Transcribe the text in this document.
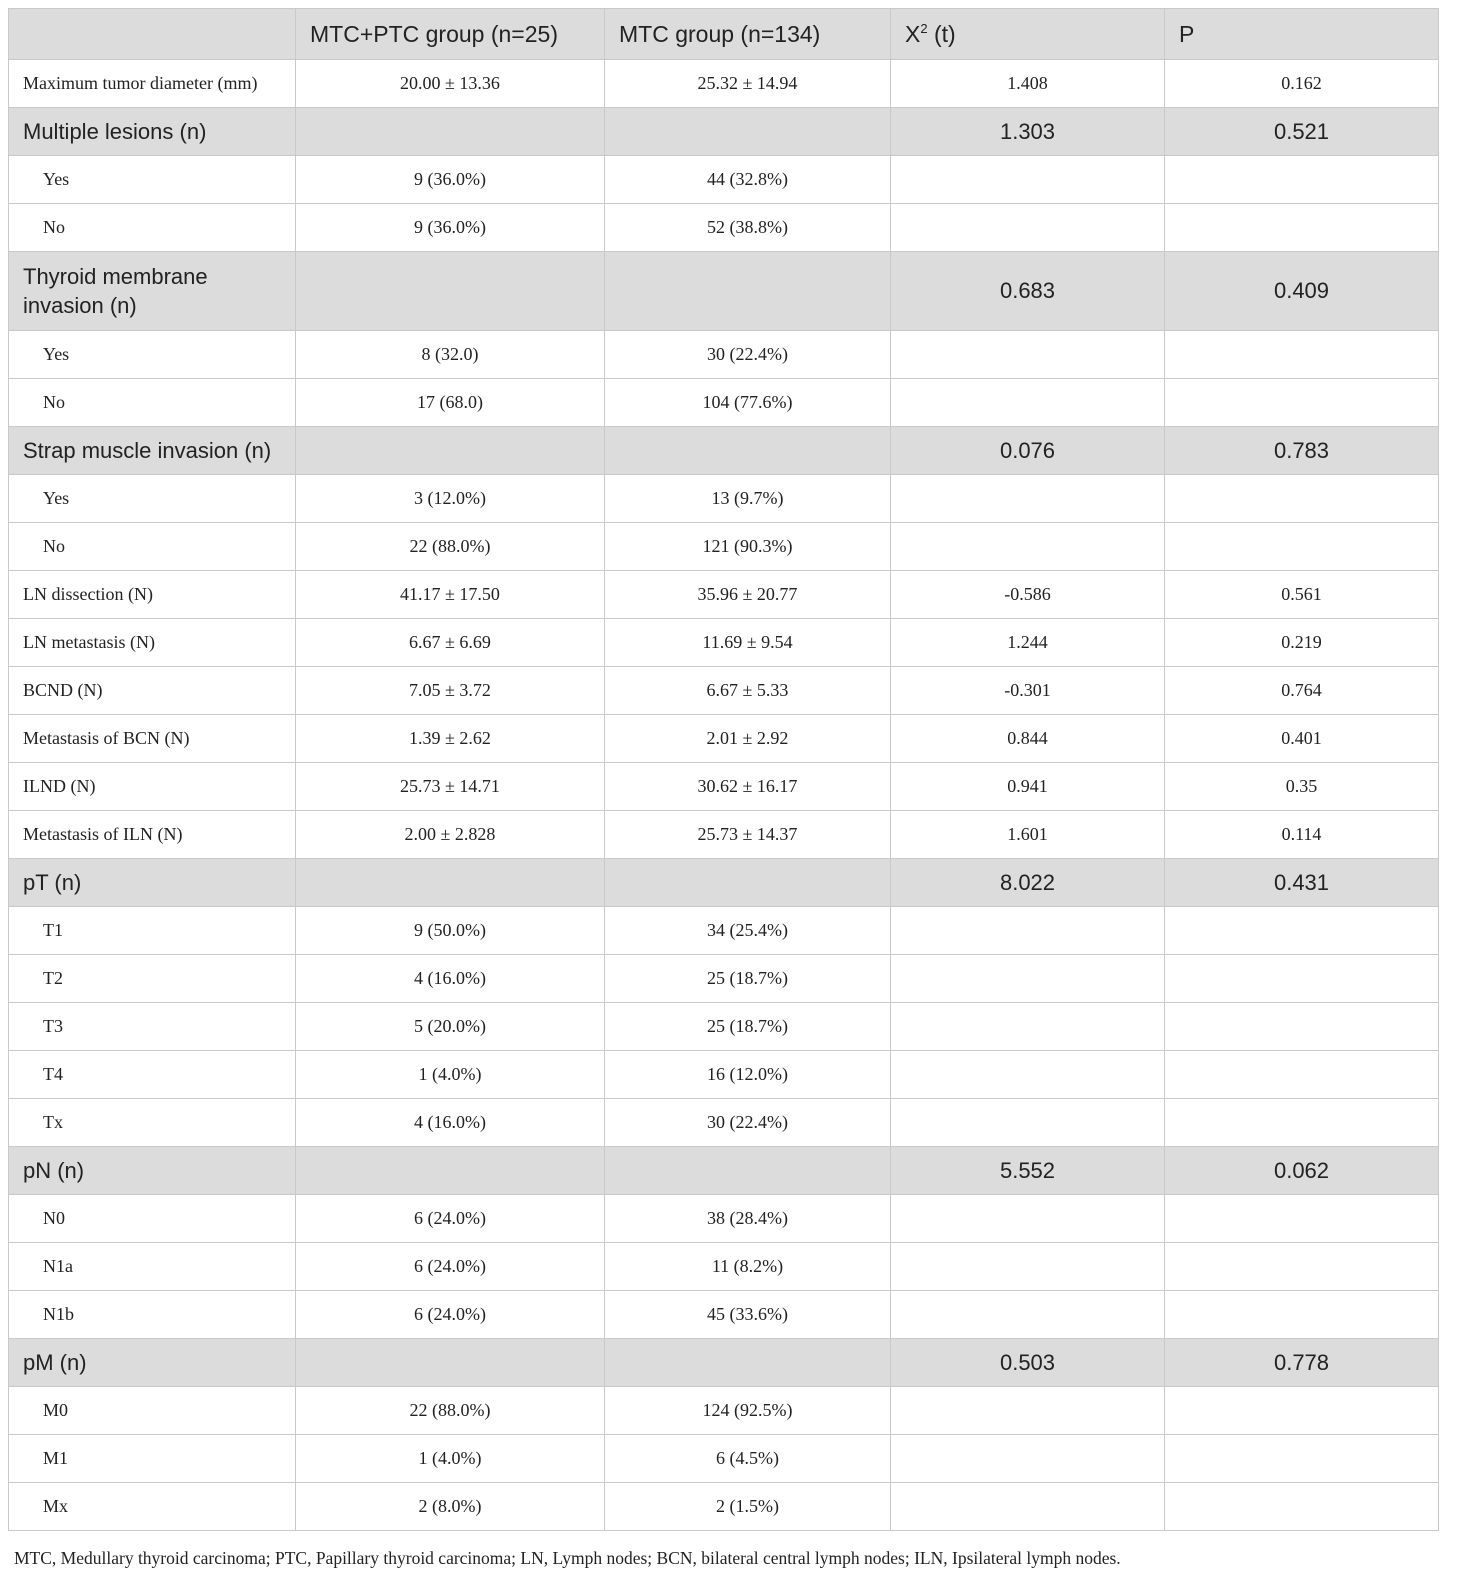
	MTC+PTC group (n=25)	MTC group (n=134)	$X^2$ (t)	P
Maximum tumor diameter (mm)	20.00 ± 13.36	25.32 ± 14.94	1.408	0.162
Multiple lesions (n)			1.303	0.521
Yes	9 (36.0%)	44 (32.8%)		
No	9 (36.0%)	52 (38.8%)		
Thyroid membrane invasion (n)			0.683	0.409
Yes	8 (32.0)	30 (22.4%)		
No	17 (68.0)	104 (77.6%)		
Strap muscle invasion (n)			0.076	0.783
Yes	3 (12.0%)	13 (9.7%)		
No	22 (88.0%)	121 (90.3%)		
LN dissection (N)	41.17 ± 17.50	35.96 ± 20.77	-0.586	0.561
LN metastasis (N)	6.67 ± 6.69	11.69 ± 9.54	1.244	0.219
BCND (N)	7.05 ± 3.72	6.67 ± 5.33	-0.301	0.764
Metastasis of BCN (N)	1.39 ± 2.62	2.01 ± 2.92	0.844	0.401
ILND (N)	25.73 ± 14.71	30.62 ± 16.17	0.941	0.35
Metastasis of ILN (N)	2.00 ± 2.828	25.73 ± 14.37	1.601	0.114
pT (n)			8.022	0.431
T1	9 (50.0%)	34 (25.4%)		
T2	4 (16.0%)	25 (18.7%)		
T3	5 (20.0%)	25 (18.7%)		
T4	1 (4.0%)	16 (12.0%)		
Tx	4 (16.0%)	30 (22.4%)		
pN (n)			5.552	0.062
N0	6 (24.0%)	38 (28.4%)		
N1a	6 (24.0%)	11 (8.2%)		
N1b	6 (24.0%)	45 (33.6%)		
pM (n)			0.503	0.778
M0	22 (88.0%)	124 (92.5%)		
M1	1 (4.0%)	6 (4.5%)		
Mx	2 (8.0%)	2 (1.5%)		
MTC, Medullary thyroid carcinoma; PTC, Papillary thyroid carcinoma; LN, Lymph nodes; BCN, bilateral central lymph nodes; ILN, Ipsilateral lymph nodes.
